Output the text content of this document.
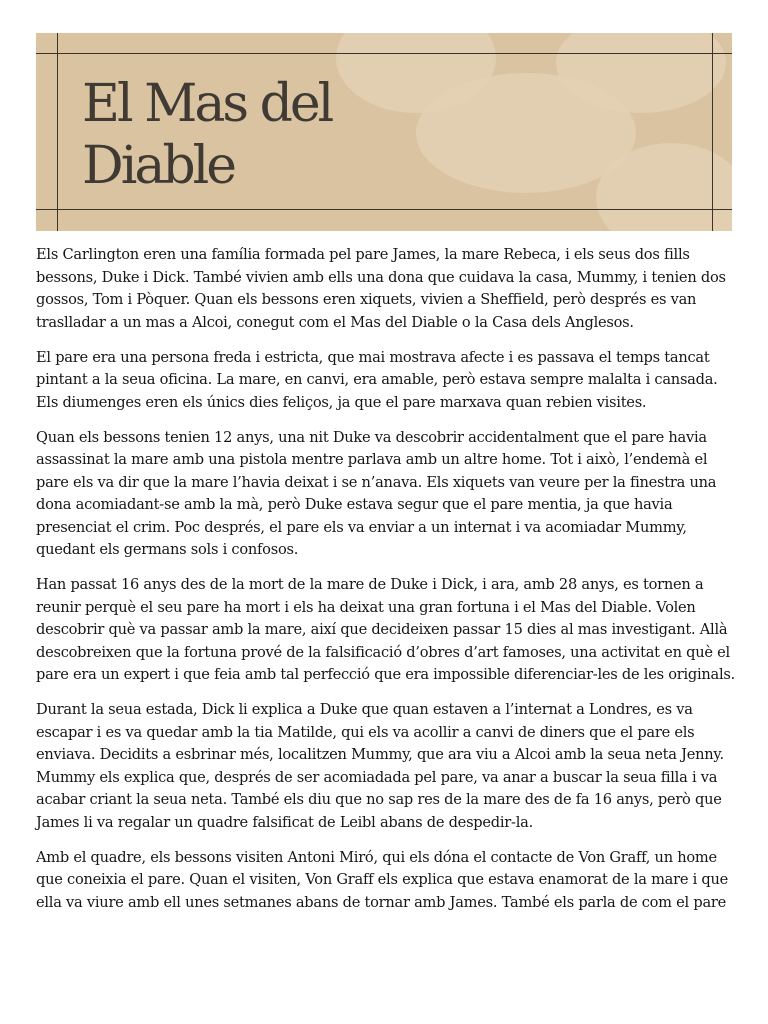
El Mas del
Diable

Els Carlington eren una família formada pel pare James, la mare Rebeca, i els seus dos fills bessons, Duke i Dick. També vivien amb ells una dona que cuidava la casa, Mummy, i tenien dos gossos, Tom i Pòquer. Quan els bessons eren xiquets, vivien a Sheffield, però després es van traslladar a un mas a Alcoi, conegut com el Mas del Diable o la Casa dels Anglesos.

El pare era una persona freda i estricta, que mai mostrava afecte i es passava el temps tancat pintant a la seua oficina. La mare, en canvi, era amable, però estava sempre malalta i cansada. Els diumenges eren els únics dies feliços, ja que el pare marxava quan rebien visites.

Quan els bessons tenien 12 anys, una nit Duke va descobrir accidentalment que el pare havia assassinat la mare amb una pistola mentre parlava amb un altre home. Tot i això, l’endemà el pare els va dir que la mare l’havia deixat i se n’anava. Els xiquets van veure per la finestra una dona acomiadant-se amb la mà, però Duke estava segur que el pare mentia, ja que havia presenciat el crim. Poc després, el pare els va enviar a un internat i va acomiadar Mummy, quedant els germans sols i confosos.

Han passat 16 anys des de la mort de la mare de Duke i Dick, i ara, amb 28 anys, es tornen a reunir perquè el seu pare ha mort i els ha deixat una gran fortuna i el Mas del Diable. Volen descobrir què va passar amb la mare, així que decideixen passar 15 dies al mas investigant. Allà descobreixen que la fortuna prové de la falsificació d’obres d’art famoses, una activitat en què el pare era un expert i que feia amb tal perfecció que era impossible diferenciar-les de les originals.

Durant la seua estada, Dick li explica a Duke que quan estaven a l’internat a Londres, es va escapar i es va quedar amb la tia Matilde, qui els va acollir a canvi de diners que el pare els enviava. Decidits a esbrinar més, localitzen Mummy, que ara viu a Alcoi amb la seua neta Jenny. Mummy els explica que, després de ser acomiadada pel pare, va anar a buscar la seua filla i va acabar criant la seua neta. També els diu que no sap res de la mare des de fa 16 anys, però que James li va regalar un quadre falsificat de Leibl abans de despedir-la.

Amb el quadre, els bessons visiten Antoni Miró, qui els dóna el contacte de Von Graff, un home que coneixia el pare. Quan el visiten, Von Graff els explica que estava enamorat de la mare i que ella va viure amb ell unes setmanes abans de tornar amb James. També els parla de com el pare
